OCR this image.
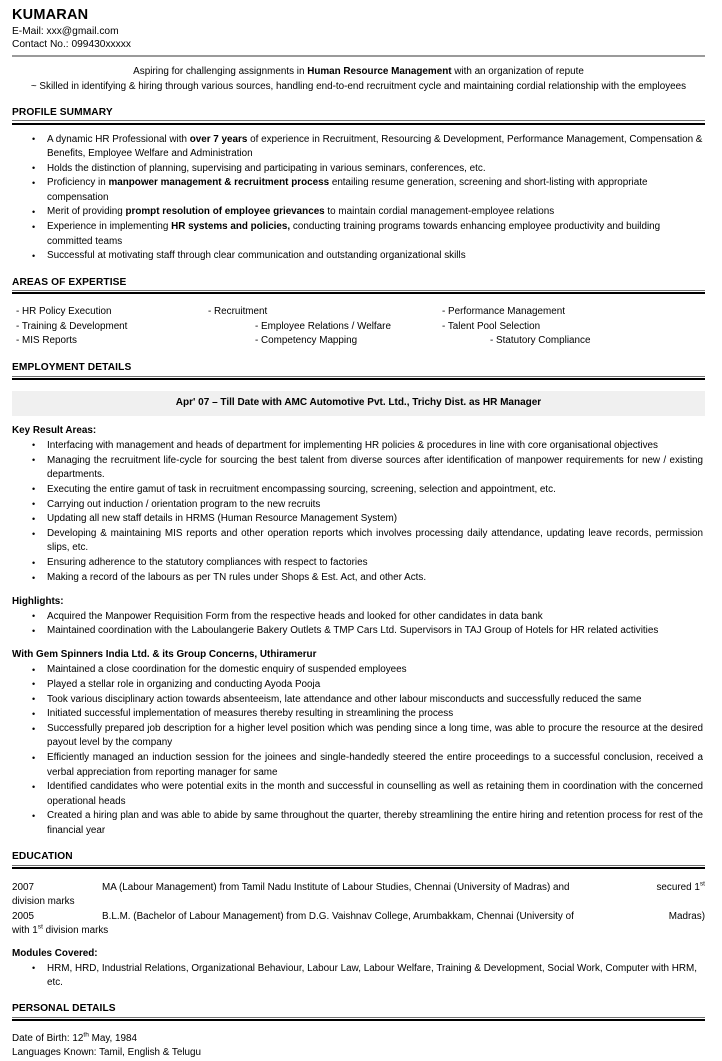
KUMARAN
E-Mail: xxx@gmail.com
Contact No.: 099430xxxxx
Aspiring for challenging assignments in Human Resource Management with an organization of repute
~ Skilled in identifying & hiring through various sources, handling end-to-end recruitment cycle and maintaining cordial relationship with the employees
PROFILE SUMMARY
• A dynamic HR Professional with over 7 years of experience in Recruitment, Resourcing & Development, Performance Management, Compensation & Benefits, Employee Welfare and Administration
• Holds the distinction of planning, supervising and participating in various seminars, conferences, etc.
• Proficiency in manpower management & recruitment process entailing resume generation, screening and short-listing with appropriate compensation
• Merit of providing prompt resolution of employee grievances to maintain cordial management-employee relations
• Experience in implementing HR systems and policies, conducting training programs towards enhancing employee productivity and building committed teams
• Successful at motivating staff through clear communication and outstanding organizational skills
AREAS OF EXPERTISE
- HR Policy Execution	- Recruitment	- Performance Management
- Training & Development	- Employee Relations / Welfare	- Talent Pool Selection
- MIS Reports	- Competency Mapping	- Statutory Compliance
EMPLOYMENT DETAILS
Apr' 07 – Till Date with AMC Automotive Pvt. Ltd., Trichy Dist. as HR Manager
Key Result Areas:
• Interfacing with management and heads of department for implementing HR policies & procedures in line with core organisational objectives
• Managing the recruitment life-cycle for sourcing the best talent from diverse sources after identification of manpower requirements for new / existing departments.
• Executing the entire gamut of task in recruitment encompassing sourcing, screening, selection and appointment, etc.
• Carrying out induction / orientation program to the new recruits
• Updating all new staff details in HRMS (Human Resource Management System)
• Developing & maintaining MIS reports and other operation reports which involves processing daily attendance, updating leave records, permission slips, etc.
• Ensuring adherence to the statutory compliances with respect to factories
• Making a record of the labours as per TN rules under Shops & Est. Act, and other Acts.
Highlights:
• Acquired the Manpower Requisition Form from the respective heads and looked for other candidates in data bank
• Maintained coordination with the Laboulangerie Bakery Outlets & TMP Cars Ltd. Supervisors in TAJ Group of Hotels for HR related activities
With Gem Spinners India Ltd. & its Group Concerns, Uthiramerur
• Maintained a close coordination for the domestic enquiry of suspended employees
• Played a stellar role in organizing and conducting Ayoda Pooja
• Took various disciplinary action towards absenteeism, late attendance and other labour misconducts and successfully reduced the same
• Initiated successful implementation of measures thereby resulting in streamlining the process
• Successfully prepared job description for a higher level position which was pending since a long time, was able to procure the resource at the desired payout level by the company
• Efficiently managed an induction session for the joinees and single-handedly steered the entire proceedings to a successful conclusion, received a verbal appreciation from reporting manager for same
• Identified candidates who were potential exits in the month and successful in counselling as well as retaining them in coordination with the concerned operational heads
• Created a hiring plan and was able to abide by same throughout the quarter, thereby streamlining the entire hiring and retention process for rest of the financial year
EDUCATION
2007	MA (Labour Management) from Tamil Nadu Institute of Labour Studies, Chennai (University of Madras) and	secured 1st
division marks
2005	B.L.M. (Bachelor of Labour Management) from D.G. Vaishnav College, Arumbakkam, Chennai (University of	Madras)
with 1st division marks
Modules Covered:
• HRM, HRD, Industrial Relations, Organizational Behaviour, Labour Law, Labour Welfare, Training & Development, Social Work, Computer with HRM, etc.
PERSONAL DETAILS
Date of Birth: 12th May, 1984
Languages Known: Tamil, English & Telugu
